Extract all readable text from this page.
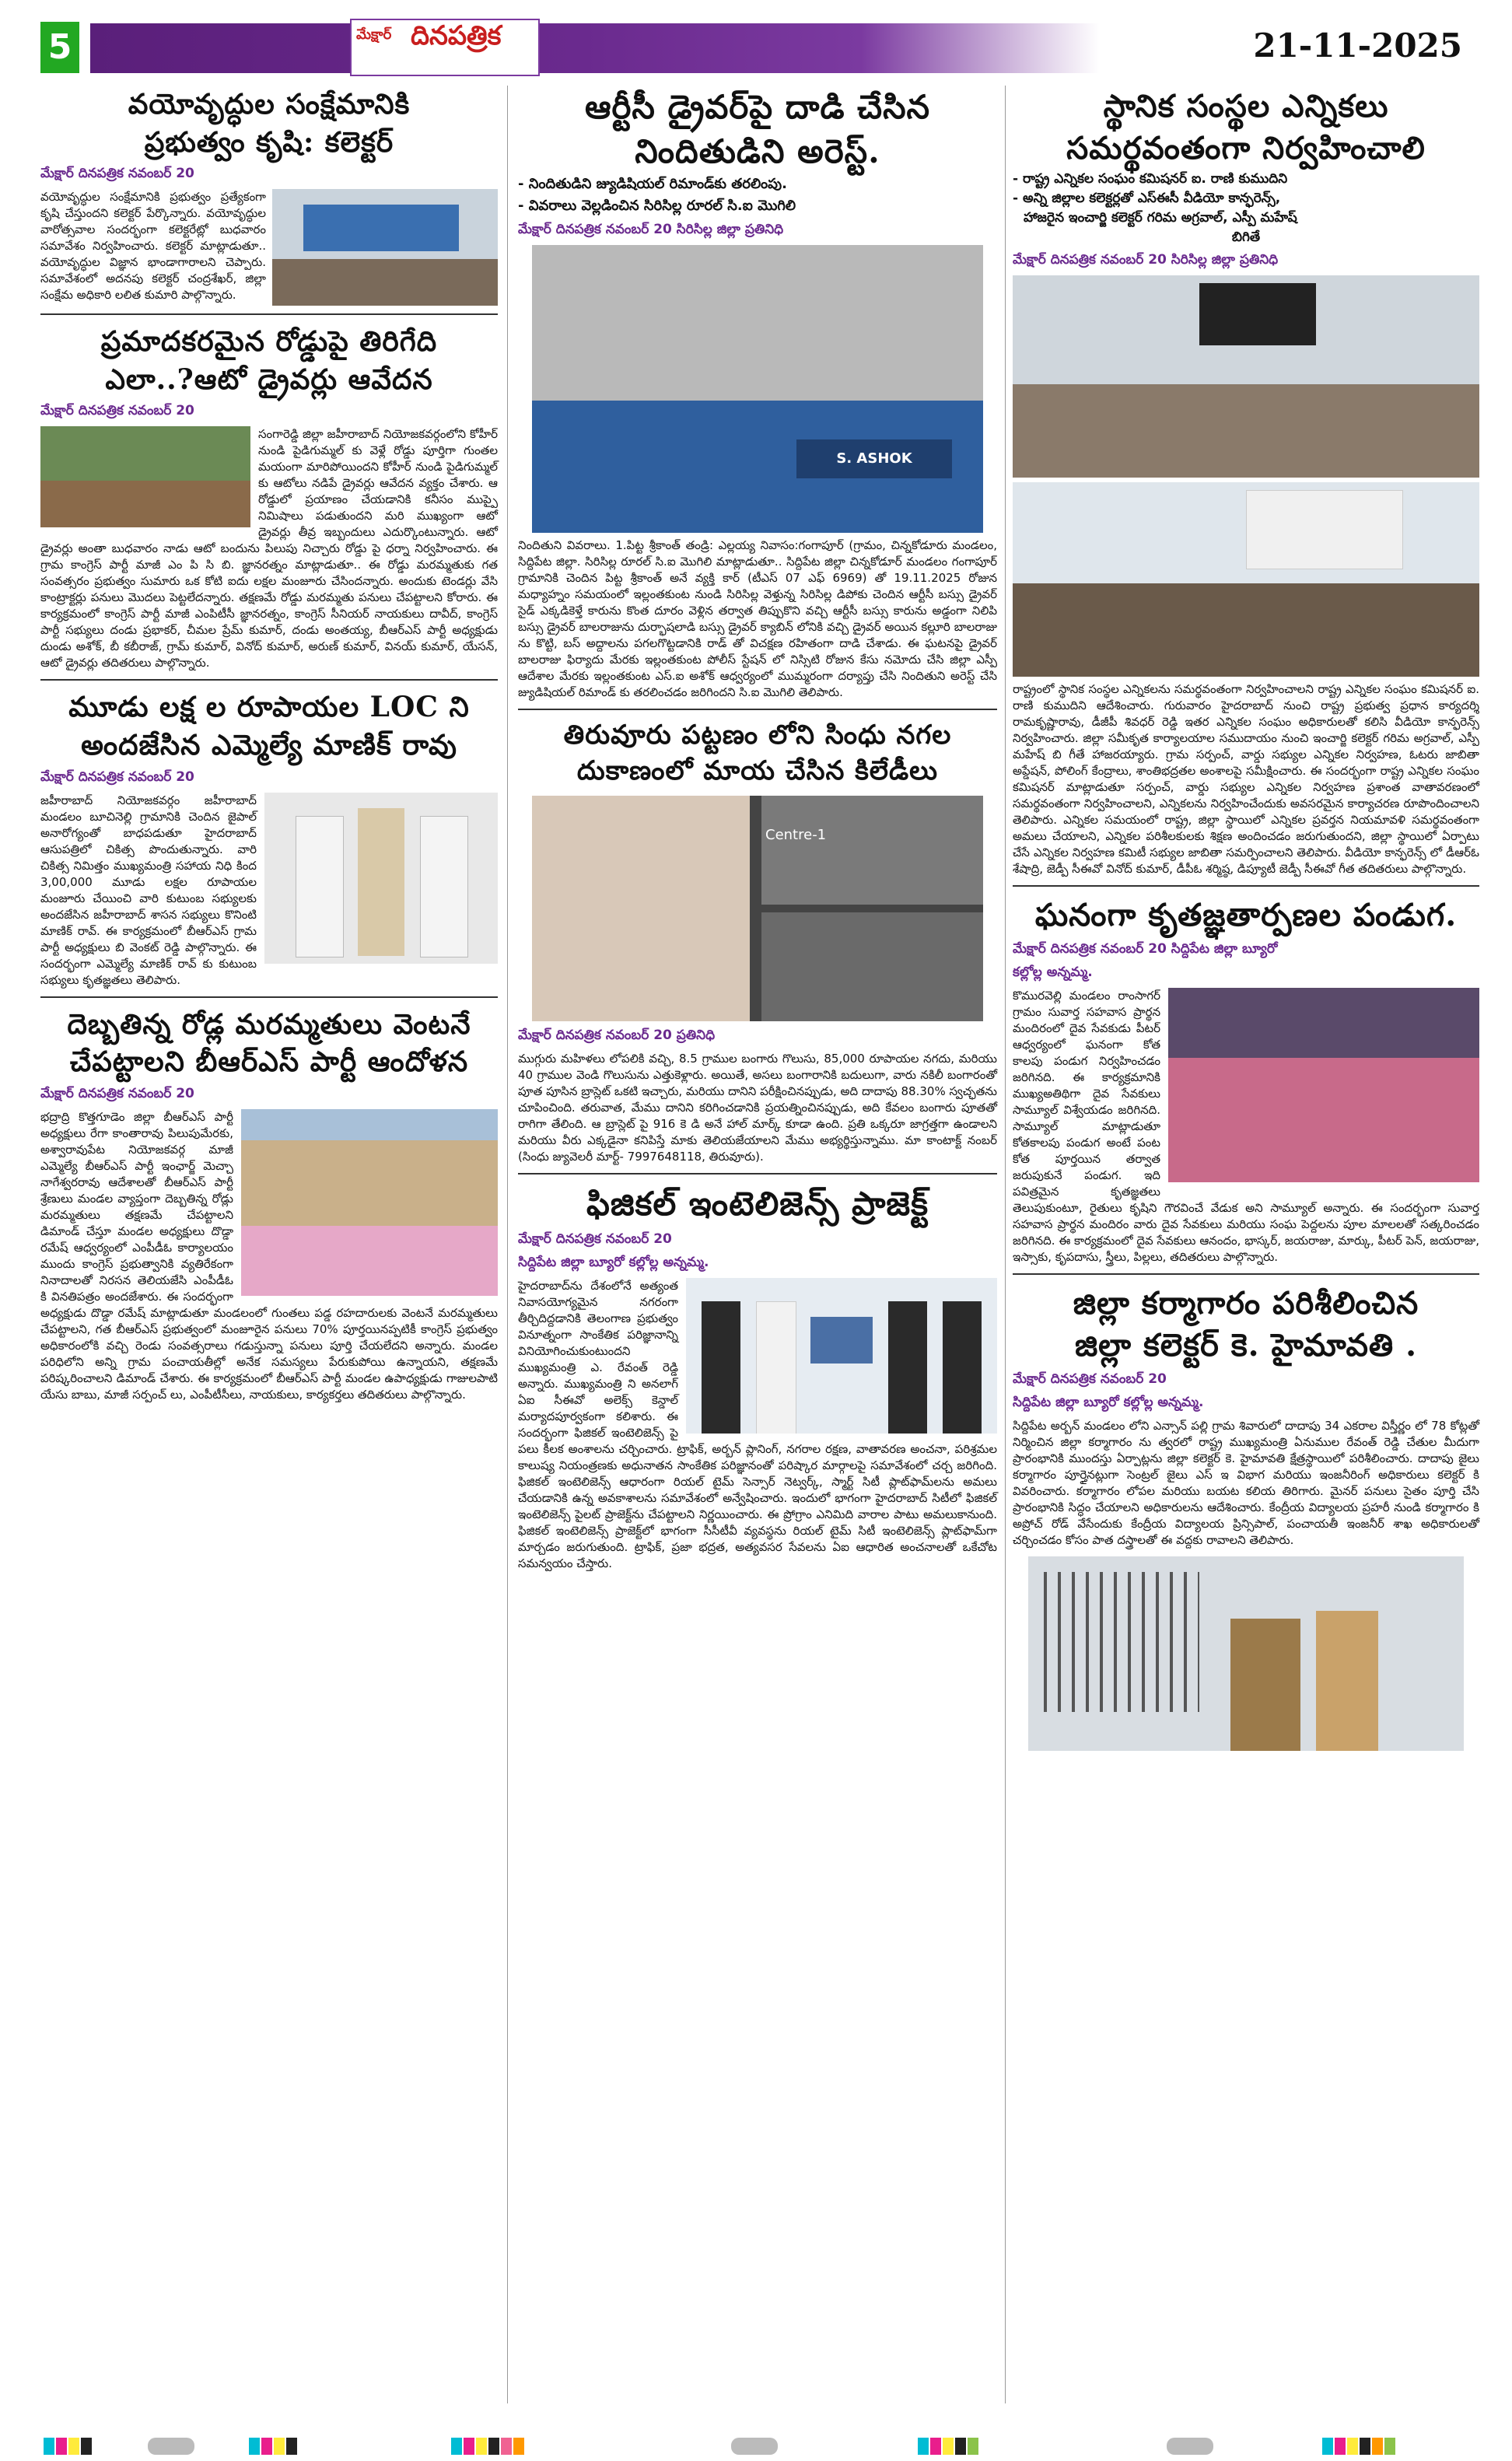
5	మేక్షార్ దినపత్రిక	21-11-2025
వయోవృద్ధుల సంక్షేమానికి
ప్రభుత్వం కృషి: కలెక్టర్
మేక్షార్ దినపత్రిక నవంబర్ 20
వయోవృద్ధుల సంక్షేమానికి ప్రభుత్వం ప్రత్యేకంగా కృషి చేస్తుందని కలెక్టర్ పేర్కొన్నారు. వయోవృద్ధుల వారోత్సవాల సందర్భంగా కలెక్టరేట్లో బుధవారం సమావేశం నిర్వహించారు. కలెక్టర్ మాట్లాడుతూ.. వయోవృద్ధుల విజ్ఞాన భాండాగారాలని చెప్పారు. సమావేశంలో అదనపు కలెక్టర్ చంద్రశేఖర్, జిల్లా సంక్షేమ అధికారి లలిత కుమారి పాల్గొన్నారు.
ప్రమాదకరమైన రోడ్డుపై తిరిగేది
ఎలా..?ఆటో డ్రైవర్లు ఆవేదన
మేక్షార్ దినపత్రిక నవంబర్ 20
సంగారెడ్డి జిల్లా జహీరాబాద్ నియోజకవర్గంలోని కోహీర్ నుండి పైడిగుమ్మల్ కు వెళ్లే రోడ్డు పూర్తిగా గుంతల మయంగా మారిపోయిందని కోహీర్ నుండి పైడిగుమ్మల్ కు ఆటోలు నడిపే డ్రైవర్లు ఆవేదన వ్యక్తం చేశారు. ఆ రోడ్డులో ప్రయాణం చేయడానికి కనీసం ముప్పై నిమిషాలు పడుతుందని మరి ముఖ్యంగా ఆటో డ్రైవర్లు తీవ్ర ఇబ్బందులు ఎదుర్కొంటున్నారు. ఆటో డ్రైవర్లు అంతా బుధవారం నాడు ఆటో బందును పిలుపు నిచ్చారు రోడ్డు పై ధర్నా నిర్వహించారు. ఈ గ్రామ కాంగ్రెస్ పార్టీ మాజీ ఎం పి సి బి. జ్ఞానరత్నం మాట్లాడుతూ.. ఈ రోడ్డు మరమ్మతుకు గత సంవత్సరం ప్రభుత్వం సుమారు ఒక కోటి ఐదు లక్షల మంజూరు చేసిందన్నారు. అందుకు టెండర్లు వేసి కాంట్రాక్టర్లు పనులు మొదలు పెట్టలేదన్నారు. తక్షణమే రోడ్డు మరమ్మతు పనులు చేపట్టాలని కోరారు. ఈ కార్యక్రమంలో కాంగ్రెస్ పార్టీ మాజీ ఎంపిటీసీ జ్ఞానరత్నం, కాంగ్రెస్ సీనియర్ నాయకులు దావీద్, కాంగ్రెస్ పార్టీ సభ్యులు దండు ప్రభాకర్, చీమల ప్రేమ్ కుమార్, దండు అంతయ్య, బీఆర్ఎస్ పార్టీ అధ్యక్షుడు దుండు అశోక్, బీ కబీరాజ్, గ్రామ్ కుమార్, వినోద్ కుమార్, అరుణ్ కుమార్, వినయ్ కుమార్, యేసన్, ఆటో డ్రైవర్లు తదితరులు పాల్గొన్నారు.
మూడు లక్ష ల రూపాయల LOC ని
అందజేసిన ఎమ్మెల్యే మాణిక్ రావు
మేక్షార్ దినపత్రిక నవంబర్ 20
జహీరాబాద్ నియోజకవర్గం జహీరాబాద్ మండలం బూచినెల్లి గ్రామానికి చెందిన జైపాల్ అనారోగ్యంతో బాధపడుతూ హైదరాబాద్ ఆసుపత్రిలో చికిత్స పొందుతున్నారు. వారి చికిత్స నిమిత్తం ముఖ్యమంత్రి సహాయ నిధి కింద 3,00,000 మూడు లక్షల రూపాయల మంజూరు చేయించి వారి కుటుంబ సభ్యులకు అందజేసిన జహీరాబాద్ శాసన సభ్యులు కొనింటి మాణిక్ రావ్. ఈ కార్యక్రమంలో బీఆర్ఎస్ గ్రామ పార్టీ అధ్యక్షులు బి వెంకట్ రెడ్డి పాల్గొన్నారు. ఈ సందర్భంగా ఎమ్మెల్యే మాణిక్ రావ్ కు కుటుంబ సభ్యులు కృతజ్ఞతలు తెలిపారు.
దెబ్బతిన్న రోడ్ల మరమ్మతులు వెంటనే
చేపట్టాలని బీఆర్ఎస్ పార్టీ ఆందోళన
మేక్షార్ దినపత్రిక నవంబర్ 20
భద్రాద్రి కొత్తగూడెం జిల్లా బీఆర్ఎస్ పార్టీ అధ్యక్షులు రేగా కాంతారావు పిలుపుమేరకు, అశ్వారావుపేట నియోజకవర్గ మాజీ ఎమ్మెల్యే బీఆర్ఎస్ పార్టీ ఇంఛార్జ్ మెచ్చా నాగేశ్వరరావు ఆదేశాలతో బీఆర్ఎస్ పార్టీ శ్రేణులు మండల వ్యాప్తంగా దెబ్బతిన్న రోడ్లు మరమ్మతులు తక్షణమే చేపట్టాలని డిమాండ్ చేస్తూ మండల అధ్యక్షులు దొడ్డా రమేష్ ఆధ్వర్యంలో ఎంపీడీఓ కార్యాలయం ముందు కాంగ్రెస్ ప్రభుత్వానికి వ్యతిరేకంగా నినాదాలతో నిరసన తెలియజేసి ఎంపీడీఓ కి వినతిపత్రం అందజేశారు. ఈ సందర్భంగా అధ్యక్షుడు దొడ్డా రమేష్ మాట్లాడుతూ మండలంలో గుంతలు పడ్డ రహదారులకు వెంటనే మరమ్మతులు చేపట్టాలని, గత బీఆర్ఎస్ ప్రభుత్వంలో మంజూరైన పనులు 70% పూర్తయినప్పటికీ కాంగ్రెస్ ప్రభుత్వం అధికారంలోకి వచ్చి రెండు సంవత్సరాలు గడుస్తున్నా పనులు పూర్తి చేయలేదని అన్నారు. మండల పరిధిలోని అన్ని గ్రామ పంచాయతీల్లో అనేక సమస్యలు పేరుకుపోయి ఉన్నాయని, తక్షణమే పరిష్కరించాలని డిమాండ్ చేశారు. ఈ కార్యక్రమంలో బీఆర్ఎస్ పార్టీ మండల ఉపాధ్యక్షుడు గాజులపాటి యేసు బాబు, మాజీ సర్పంచ్ లు, ఎంపీటీసీలు, నాయకులు, కార్యకర్తలు తదితరులు పాల్గొన్నారు.
ఆర్టీసీ డ్రైవర్‌పై దాడి చేసిన
నిందితుడిని అరెస్ట్.
- నిందితుడిని జ్యుడిషియల్ రిమాండ్‌కు తరలింపు.
- వివరాలు వెల్లడించిన సిరిసిల్ల రూరల్ సి.ఐ మొగిలి
మేక్షార్ దినపత్రిక నవంబర్ 20 సిరిసిల్ల జిల్లా ప్రతినిధి
S. ASHOK
నిందితుని వివరాలు. 1.పిట్ట శ్రీకాంత్ తండ్రి: ఎల్లయ్య నివాసం:గంగాపూర్ (గ్రామం, చిన్నకోడూరు మండలం, సిద్దిపేట జిల్లా. సిరిసిల్ల రూరల్ సి.ఐ మొగిలి మాట్లాడుతూ.. సిద్దిపేట జిల్లా చిన్నకోడూర్ మండలం గంగాపూర్ గ్రామానికి చెందిన పిట్ట శ్రీకాంత్ అనే వ్యక్తి కార్ (టీఎస్ 07 ఎఫ్ 6969) తో 19.11.2025 రోజున మధ్యాహ్నం సమయంలో ఇల్లంతకుంట నుండి సిరిసిల్ల వెళ్తున్న సిరిసిల్ల డిపోకు చెందిన ఆర్టీసీ బస్సు డ్రైవర్ సైడ్ ఎక్కడికెళ్తే కారును కొంత దూరం వెళ్లిన తర్వాత తిప్పుకొని వచ్చి ఆర్టీసీ బస్సు కారును అడ్డంగా నిలిపి బస్సు డ్రైవర్ బాలరాజును దుర్భాషలాడి బస్సు డ్రైవర్ క్యాబిన్ లోనికి వచ్చి డ్రైవర్ అయిన కల్లూరి బాలరాజు ను కొట్టి, బస్ అద్దాలను పగలగొట్టడానికి రాడ్ తో విచక్షణ రహితంగా దాడి చేశాడు. ఈ ఘటనపై డ్రైవర్ బాలరాజు ఫిర్యాదు మేరకు ఇల్లంతకుంట పోలీస్ స్టేషన్ లో నిస్సిటి రోజున కేసు నమోదు చేసి జిల్లా ఎస్పీ ఆదేశాల మేరకు ఇల్లంతకుంట ఎస్.ఐ అశోక్ ఆధ్వర్యంలో ముమ్మరంగా దర్యాప్తు చేసి నిందితుని అరెస్ట్ చేసి జ్యుడిషియల్ రిమాండ్ కు తరలించడం జరిగిందని సి.ఐ మొగిలి తెలిపారు.
తిరువూరు పట్టణం లోని సింధు నగల
దుకాణంలో మాయ చేసిన కిలేడీలు
Centre-1
మేక్షార్ దినపత్రిక నవంబర్ 20 ప్రతినిధి
ముగ్గురు మహిళలు లోపలికి వచ్చి, 8.5 గ్రాముల బంగారు గొలుసు, 85,000 రూపాయల నగదు, మరియు 40 గ్రాముల వెండి గొలుసును ఎత్తుకెళ్లారు. అయితే, అసలు బంగారానికి బదులుగా, వారు నకిలీ బంగారంతో పూత పూసిన బ్రాస్లెట్ ఒకటి ఇచ్చారు, మరియు దానిని పరీక్షించినప్పుడు, అది దాదాపు 88.30% స్వచ్ఛతను చూపించింది. తరువాత, మేము దానిని కరిగించడానికి ప్రయత్నించినప్పుడు, అది కేవలం బంగారు పూతతో రాగిగా తేలింది. ఆ బ్రాస్లెట్ పై 916 కె డి అనే హాల్ మార్క్ కూడా ఉంది. ప్రతి ఒక్కరూ జాగ్రత్తగా ఉండాలని మరియు వీరు ఎక్కడైనా కనిపిస్తే మాకు తెలియజేయాలని మేము అభ్యర్థిస్తున్నాము. మా కాంటాక్ట్ నంబర్ (సింధు జ్యువెలరీ మార్ట్- 7997648118, తిరువూరు).
ఫిజికల్ ఇంటెలిజెన్స్ ప్రాజెక్ట్
మేక్షార్ దినపత్రిక నవంబర్ 20
సిద్దిపేట జిల్లా బ్యూరో కల్లోల్ల అన్నమ్మ.
హైదరాబాద్‌ను దేశంలోనే అత్యంత నివాసయోగ్యమైన నగరంగా తీర్చిదిద్దడానికి తెలంగాణ ప్రభుత్వం వినూత్నంగా సాంకేతిక పరిజ్ఞానాన్ని వినియోగించుకుంటుందని ముఖ్యమంత్రి ఎ. రేవంత్ రెడ్డి అన్నారు. ముఖ్యమంత్రి ని అనలాగ్ ఏఐ సీఈవో అలెక్స్ కెన్డాల్ మర్యాదపూర్వకంగా కలిశారు. ఈ సందర్భంగా ఫిజికల్ ఇంటెలిజెన్స్ పై పలు కీలక అంశాలను చర్చించారు. ట్రాఫిక్, అర్బన్ ప్లానింగ్, నగరాల రక్షణ, వాతావరణ అంచనా, పరిశ్రమల కాలుష్య నియంత్రణకు అధునాతన సాంకేతిక పరిజ్ఞానంతో పరిష్కార మార్గాలపై సమావేశంలో చర్చ జరిగింది. ఫిజికల్ ఇంటెలిజెన్స్ ఆధారంగా రియల్ టైమ్ సెన్సార్ నెట్వర్క్, స్మార్ట్ సిటీ ప్లాట్‌ఫామ్‌లను అమలు చేయడానికి ఉన్న అవకాశాలను సమావేశంలో అన్వేషించారు. ఇందులో భాగంగా హైదరాబాద్ సిటీలో ఫిజికల్ ఇంటెలిజెన్స్ పైలట్ ప్రాజెక్ట్‌ను చేపట్టాలని నిర్ణయించారు. ఈ ప్రోగ్రాం ఎనిమిది వారాల పాటు అమలుకానుంది. ఫిజికల్ ఇంటెలిజెన్స్ ప్రాజెక్ట్‌లో భాగంగా సీసీటీవీ వ్యవస్థను రియల్ టైమ్ సిటీ ఇంటెలిజెన్స్ ప్లాట్‌ఫామ్‌గా మార్చడం జరుగుతుంది. ట్రాఫిక్, ప్రజా భద్రత, అత్యవసర సేవలను ఏఐ ఆధారిత అంచనాలతో ఒకేచోట సమన్వయం చేస్తారు.
స్థానిక సంస్థల ఎన్నికలు
సమర్థవంతంగా నిర్వహించాలి
- రాష్ట్ర ఎన్నికల సంఘం కమిషనర్ ఐ. రాణి కుముదిని
- అన్ని జిల్లాల కలెక్టర్లతో ఎస్ఈసీ వీడియో కాన్ఫరెన్స్,
హాజరైన ఇంచార్జి కలెక్టర్ గరిమ అగ్రవాల్, ఎస్పీ మహేష్
బిగితే
మేక్షార్ దినపత్రిక నవంబర్ 20 సిరిసిల్ల జిల్లా ప్రతినిధి
రాష్ట్రంలో స్థానిక సంస్థల ఎన్నికలను సమర్థవంతంగా నిర్వహించాలని రాష్ట్ర ఎన్నికల సంఘం కమిషనర్ ఐ. రాణి కుముదిని ఆదేశించారు. గురువారం హైదరాబాద్ నుంచి రాష్ట్ర ప్రభుత్వ ప్రధాన కార్యదర్శి రామకృష్ణారావు, డీజీపీ శివధర్ రెడ్డి ఇతర ఎన్నికల సంఘం అధికారులతో కలిసి వీడియో కాన్ఫరెన్స్ నిర్వహించారు. జిల్లా సమీకృత కార్యాలయాల సముదాయం నుంచి ఇంచార్జి కలెక్టర్ గరిమ అగ్రవాల్, ఎస్పీ మహేష్ బి గీతే హాజరయ్యారు. గ్రామ సర్పంచ్, వార్డు సభ్యుల ఎన్నికల నిర్వహణ, ఓటరు జాబితా అప్డేషన్, పోలింగ్ కేంద్రాలు, శాంతిభద్రతల అంశాలపై సమీక్షించారు. ఈ సందర్భంగా రాష్ట్ర ఎన్నికల సంఘం కమిషనర్ మాట్లాడుతూ సర్పంచ్, వార్డు సభ్యుల ఎన్నికల నిర్వహణ ప్రశాంత వాతావరణంలో సమర్థవంతంగా నిర్వహించాలని, ఎన్నికలను నిర్వహించేందుకు అవసరమైన కార్యాచరణ రూపొందించాలని తెలిపారు. ఎన్నికల సమయంలో రాష్ట్ర, జిల్లా స్థాయిలో ఎన్నికల ప్రవర్తన నియమావళి సమర్థవంతంగా అమలు చేయాలని, ఎన్నికల పరిశీలకులకు శిక్షణ అందించడం జరుగుతుందని, జిల్లా స్థాయిలో ఏర్పాటు చేసే ఎన్నికల నిర్వహణ కమిటీ సభ్యుల జాబితా సమర్పించాలని తెలిపారు. వీడియో కాన్ఫరెన్స్ లో డీఆర్ఓ శేషాద్రి, జెడ్పీ సీఈవో వినోద్ కుమార్, డీపీఓ శర్మిష్ఠ, డిప్యూటీ జెడ్పీ సీఈవో గీత తదితరులు పాల్గొన్నారు.
ఘనంగా కృతజ్ఞతార్పణల పండుగ.
మేక్షార్ దినపత్రిక నవంబర్ 20 సిద్దిపేట జిల్లా బ్యూరో
కల్లోల్ల అన్నమ్మ.
కొమురవెల్లి మండలం రాంసాగర్ గ్రామం సువార్త సహవాస ప్రార్థన మందిరంలో దైవ సేవకుడు పీటర్ ఆధ్వర్యంలో ఘనంగా కోత కాలపు పండుగ నిర్వహించడం జరిగినది. ఈ కార్యక్రమానికి ముఖ్యఅతిథిగా దైవ సేవకులు సామ్యూల్ విశ్వేయడం జరిగినది. సామ్యూల్ మాట్లాడుతూ కోతకాలపు పండుగ అంటే పంట కోత పూర్తయిన తర్వాత జరుపుకునే పండుగ. ఇది పవిత్రమైన కృతజ్ఞతలు తెలుపుకుంటూ, రైతులు కృషిని గౌరవించే వేడుక అని సామ్యూల్ అన్నారు. ఈ సందర్భంగా సువార్త సహవాస ప్రార్థన మందిరం వారు దైవ సేవకులు మరియు సంఘ పెద్దలను పూల మాలలతో సత్కరించడం జరిగినది. ఈ కార్యక్రమంలో దైవ సేవకులు ఆనందం, భాస్కర్, జయరాజు, మార్కు, పీటర్ పెన్, జయరాజు, ఇస్సాకు, కృపదాసు, స్త్రీలు, పిల్లలు, తదితరులు పాల్గొన్నారు.
జిల్లా కర్మాగారం పరిశీలించిన
జిల్లా కలెక్టర్ కె. హైమావతి .
మేక్షార్ దినపత్రిక నవంబర్ 20
సిద్దిపేట జిల్లా బ్యూరో కల్లోల్ల అన్నమ్మ.
సిద్దిపేట అర్బన్ మండలం లోని ఎన్సాన్ పల్లి గ్రామ శివారులో దాదాపు 34 ఎకరాల విస్తీర్ణం లో 78 కోట్లతో నిర్మించిన జిల్లా కర్మాగారం ను త్వరలో రాష్ట్ర ముఖ్యమంత్రి ఏనుముల రేవంత్ రెడ్డి చేతుల మీదుగా ప్రారంభానికి ముందస్తు ఏర్పాట్లను జిల్లా కలెక్టర్ కె. హైమావతి క్షేత్రస్థాయిలో పరిశీలించారు. దాదాపు జైలు కర్మాగారం పూర్తైనట్లుగా సెంట్రల్ జైలు ఎస్ ఇ విభాగ మరియు ఇంజనీరింగ్ అధికారులు కలెక్టర్ కి వివరించారు. కర్మాగారం లోపల మరియు బయట కలియ తిరిగారు. మైనర్ పనులు సైతం పూర్తి చేసి ప్రారంభానికి సిద్ధం చేయాలని అధికారులను ఆదేశించారు. కేంద్రీయ విద్యాలయ ప్రహరీ నుండి కర్మాగారం కి అప్రోచ్ రోడ్ వేసేందుకు కేంద్రీయ విద్యాలయ ప్రిన్సిపాల్, పంచాయతీ ఇంజనీర్ శాఖ అధికారులతో చర్చించడం కోసం పాత దస్త్రాలతో ఈ వద్దకు రావాలని తెలిపారు.
